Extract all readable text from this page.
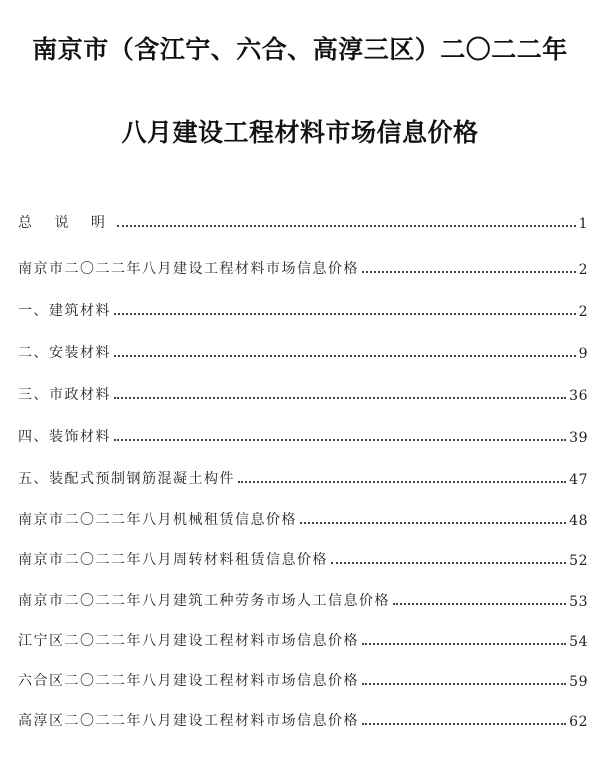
南京市（含江宁、六合、高淳三区）二〇二二年
八月建设工程材料市场信息价格
总 说 明	1
南京市二〇二二年八月建设工程材料市场信息价格	2
一、建筑材料	2
二、安装材料	9
三、市政材料	36
四、装饰材料	39
五、装配式预制钢筋混凝土构件	47
南京市二〇二二年八月机械租赁信息价格	48
南京市二〇二二年八月周转材料租赁信息价格	52
南京市二〇二二年八月建筑工种劳务市场人工信息价格	53
江宁区二〇二二年八月建设工程材料市场信息价格	54
六合区二〇二二年八月建设工程材料市场信息价格	59
高淳区二〇二二年八月建设工程材料市场信息价格	62
